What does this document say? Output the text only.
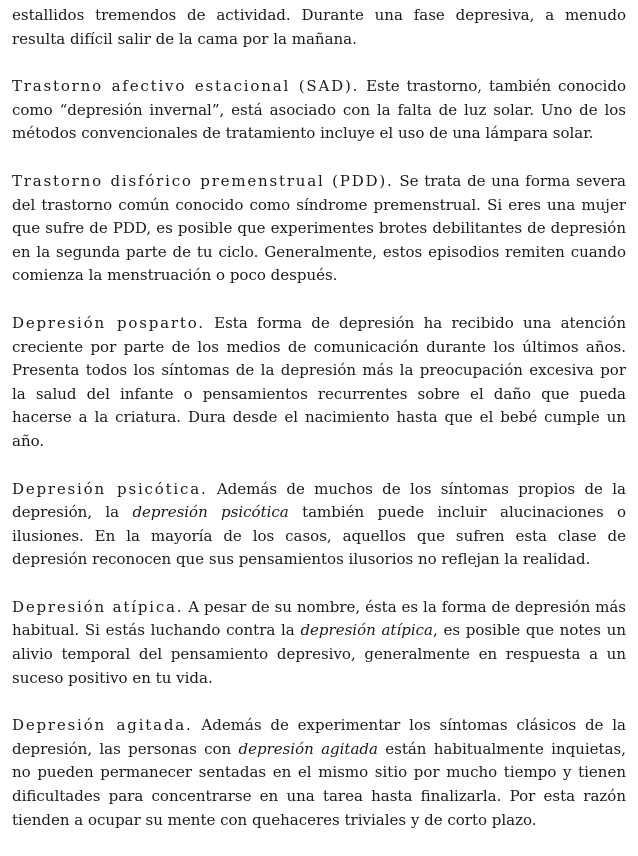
estallidos tremendos de actividad. Durante una fase depresiva, a menudo resulta difícil salir de la cama por la mañana.

Trastorno afectivo estacional (SAD). Este trastorno, también conocido como “depresión invernal”, está asociado con la falta de luz solar. Uno de los métodos convencionales de tratamiento incluye el uso de una lámpara solar.

Trastorno disfórico premenstrual (PDD). Se trata de una forma severa del trastorno común conocido como síndrome premenstrual. Si eres una mujer que sufre de PDD, es posible que experimentes brotes debilitantes de depresión en la segunda parte de tu ciclo. Generalmente, estos episodios remiten cuando comienza la menstruación o poco después.

Depresión posparto. Esta forma de depresión ha recibido una atención creciente por parte de los medios de comunicación durante los últimos años. Presenta todos los síntomas de la depresión más la preocupación excesiva por la salud del infante o pensamientos recurrentes sobre el daño que pueda hacerse a la criatura. Dura desde el nacimiento hasta que el bebé cumple un año.

Depresión psicótica. Además de muchos de los síntomas propios de la depresión, la depresión psicótica también puede incluir alucinaciones o ilusiones. En la mayoría de los casos, aquellos que sufren esta clase de depresión reconocen que sus pensamientos ilusorios no reflejan la realidad.

Depresión atípica. A pesar de su nombre, ésta es la forma de depresión más habitual. Si estás luchando contra la depresión atípica, es posible que notes un alivio temporal del pensamiento depresivo, generalmente en respuesta a un suceso positivo en tu vida.

Depresión agitada. Además de experimentar los síntomas clásicos de la depresión, las personas con depresión agitada están habitualmente inquietas, no pueden permanecer sentadas en el mismo sitio por mucho tiempo y tienen dificultades para concentrarse en una tarea hasta finalizarla. Por esta razón tienden a ocupar su mente con quehaceres triviales y de corto plazo.
